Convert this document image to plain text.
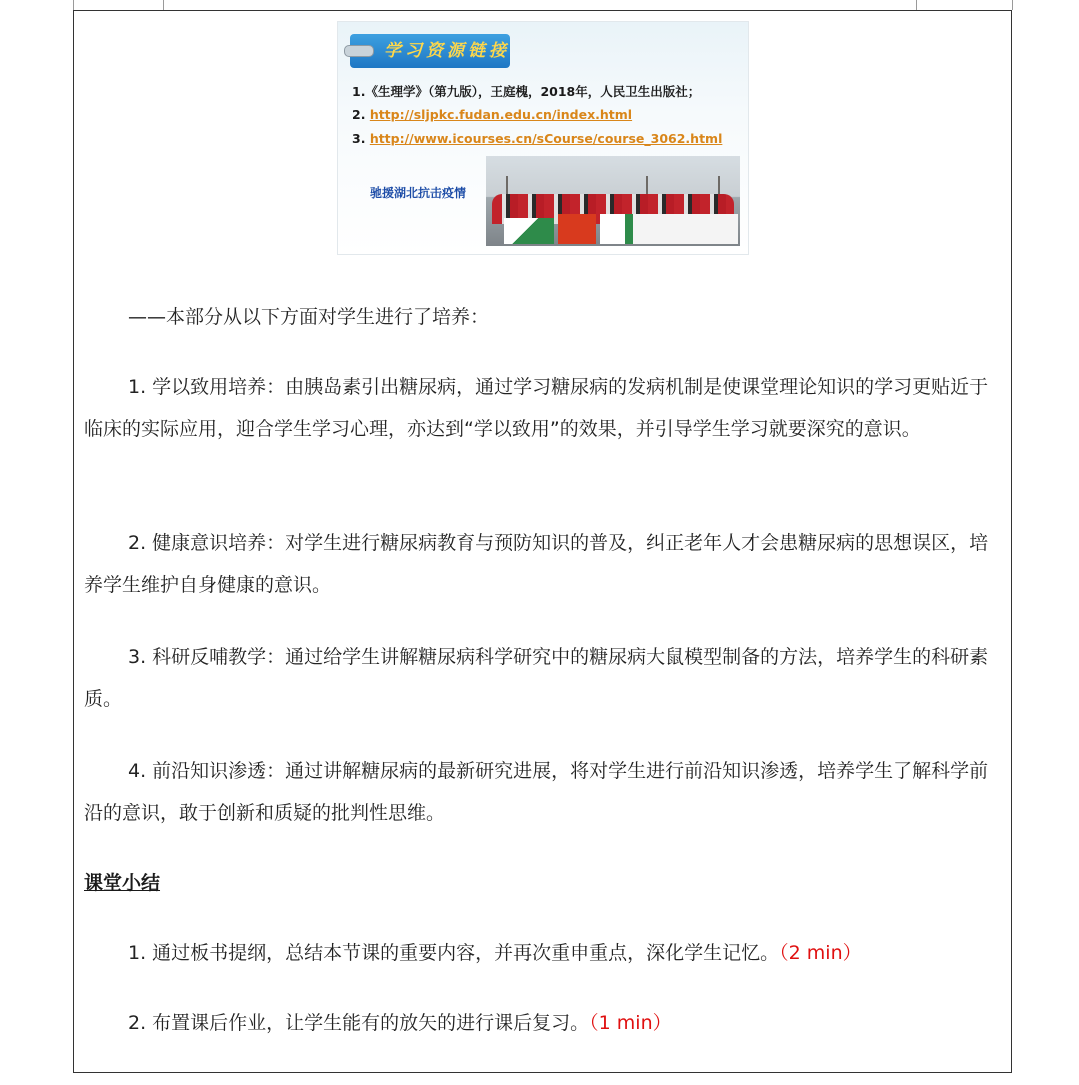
学习资源链接
1.《生理学》（第九版），王庭槐，2018年，人民卫生出版社；
2. http://sljpkc.fudan.edu.cn/index.html
3. http://www.icourses.cn/sCourse/course_3062.html
驰援湖北抗击疫情
——本部分从以下方面对学生进行了培养：
1. 学以致用培养：由胰岛素引出糖尿病，通过学习糖尿病的发病机制是使课堂理论知识的学习更贴近于临床的实际应用，迎合学生学习心理，亦达到“学以致用”的效果，并引导学生学习就要深究的意识。
2. 健康意识培养：对学生进行糖尿病教育与预防知识的普及，纠正老年人才会患糖尿病的思想误区，培养学生维护自身健康的意识。
3. 科研反哺教学：通过给学生讲解糖尿病科学研究中的糖尿病大鼠模型制备的方法，培养学生的科研素质。
4. 前沿知识渗透：通过讲解糖尿病的最新研究进展，将对学生进行前沿知识渗透，培养学生了解科学前沿的意识，敢于创新和质疑的批判性思维。
课堂小结
1. 通过板书提纲，总结本节课的重要内容，并再次重申重点，深化学生记忆。（2 min）
2. 布置课后作业，让学生能有的放矢的进行课后复习。（1 min）
